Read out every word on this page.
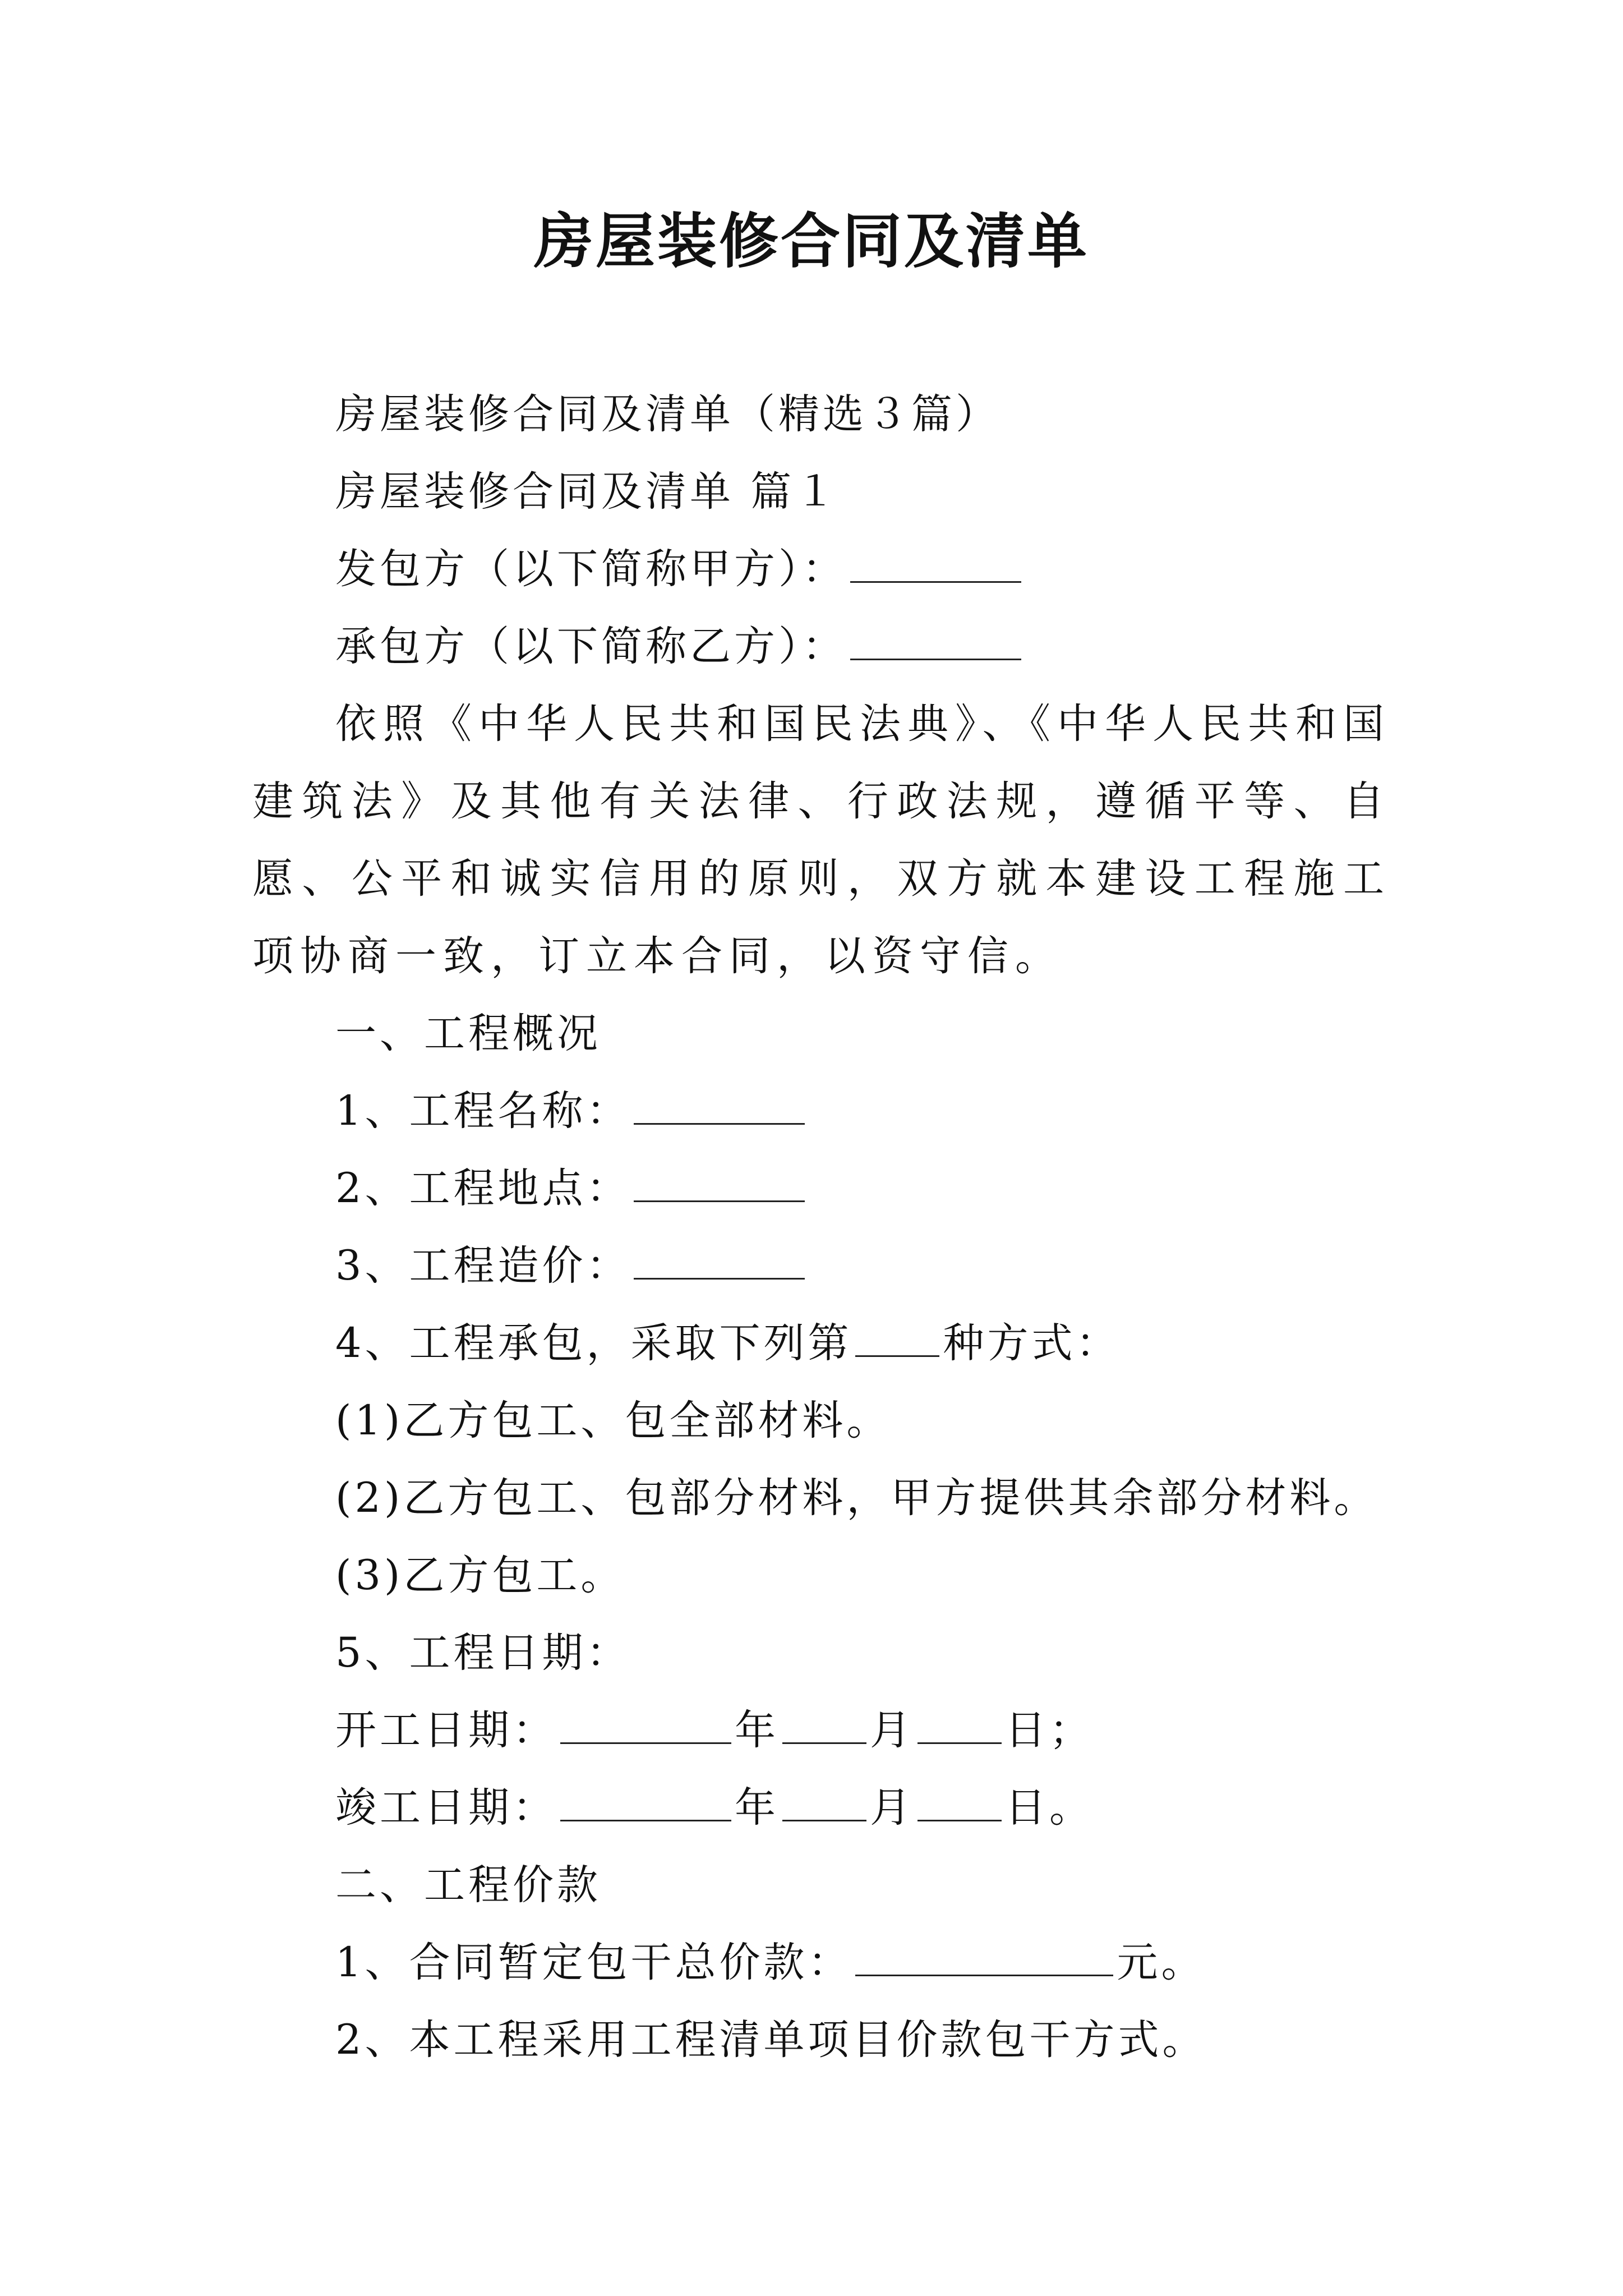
房屋装修合同及清单

房屋装修合同及清单（精选３篇）

房屋装修合同及清单 篇１

发包方（以下简称甲方）：

承包方（以下简称乙方）：

依照《中华人民共和国民法典》、《中华人民共和国建筑法》及其他有关法律、行政法规，遵循平等、自愿、公平和诚实信用的原则，双方就本建设工程施工项协商一致，订立本合同，以资守信。

一、工程概况

1、工程名称：

2、工程地点：

3、工程造价：

4、工程承包，采取下列第 种方式：

(1)乙方包工、包全部材料。

(2)乙方包工、包部分材料，甲方提供其余部分材料。

(3)乙方包工。

5、工程日期：

开工日期：	年 月 日；

竣工日期：	年 月 日。

二、工程价款

1、合同暂定包干总价款：	元。

2、本工程采用工程清单项目价款包干方式。
